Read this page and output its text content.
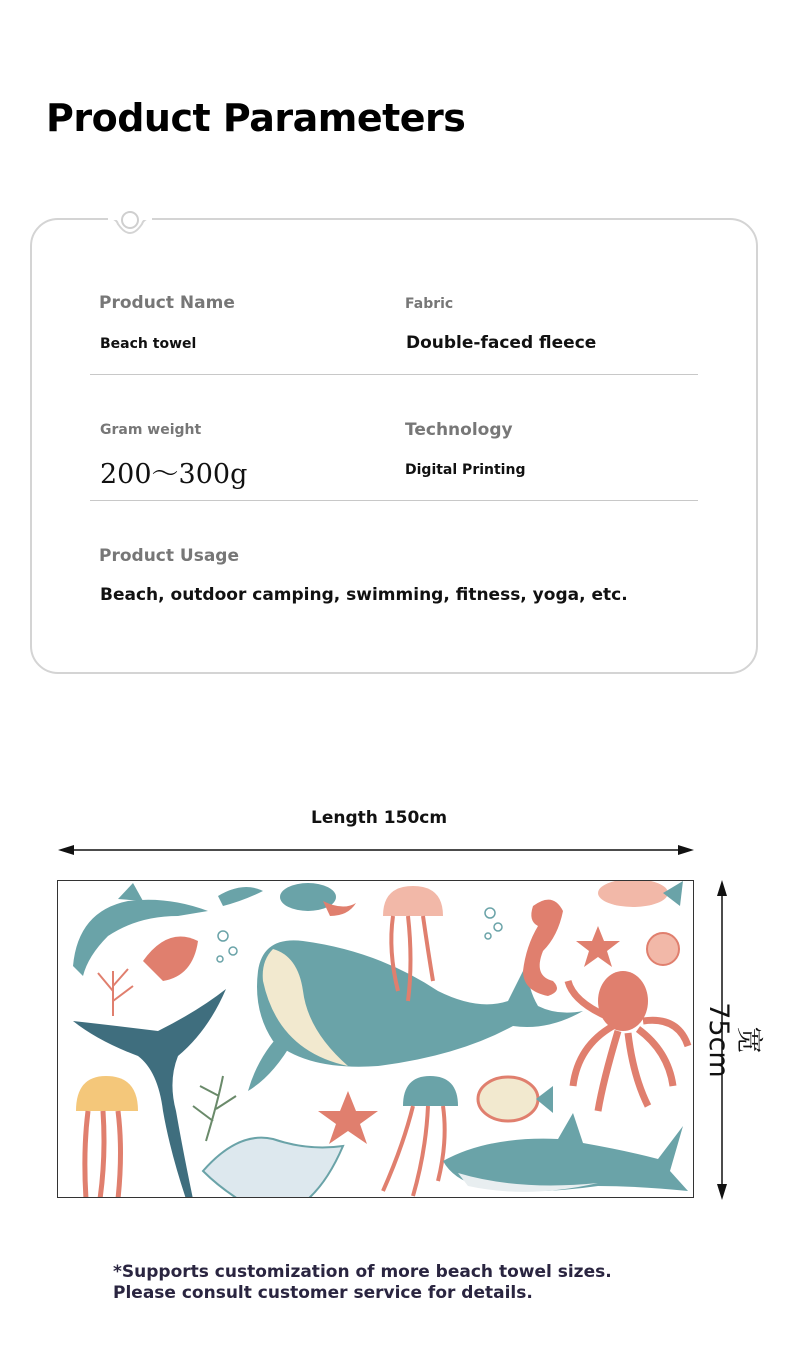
Product Parameters
Product Name
Beach towel
Fabric
Double-faced fleece
Gram weight
200～300g
Technology
Digital Printing
Product Usage
Beach, outdoor camping, swimming, fitness, yoga, etc.
Length 150cm
宽75cm
*Supports customization of more beach towel sizes. Please consult customer service for details.
